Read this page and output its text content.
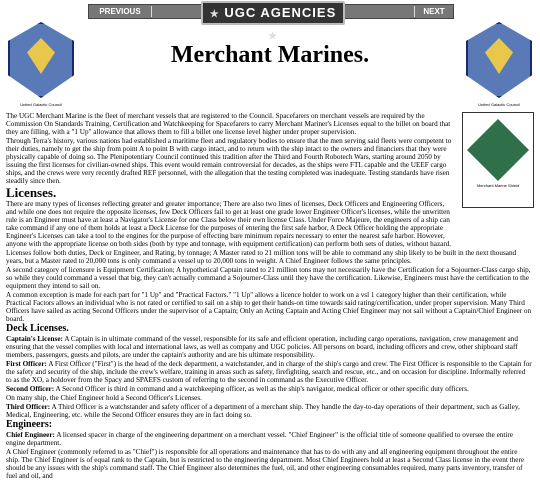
PREVIOUS	★ UGC AGENCIES ★
NEXT
United Galactic Council
Merchant Marines.
United Galactic Council
Merchant Marine Shield

The UGC Merchant Marine is the fleet of merchant vessels that are registered to the Council. Spacefarers on merchant vessels are required by the Commission On Standards Training, Certification and Watchkeeping for Spacefarers to carry Merchant Mariner's Licenses equal to the billet on board that they are filling, with a "1 Up" allowance that allows them to fill a billet one license level higher under proper supervision.

Through Terra's history, various nations had established a maritime fleet and regulatory bodies to ensure that the men serving said fleets were competent to their duties, namely to get the ship from point A to point B with cargo intact, and to return with the ship intact to the owners and financiers that they were physically capable of doing so. The Plenipotentiary Council continued this tradition after the Third and Fourth Robotech Wars, starting around 2050 by issuing the first licenses for civilian-owned ships. This event would remain controversial for decades, as the ships were FTL capable and the UEEF cargo ships, and the crews were very recently drafted REF personnel, with the allegation that the testing completed was inadequate. Testing standards have risen steadily since then.

Licenses.

There are many types of licenses reflecting greater and greater importance; There are also two lines of licenses, Deck Officers and Engineering Officers, and while one does not require the opposite licenses, few Deck Officers fail to get at least one grade lower Engineer Officer's licenses, while the unwritten rule is an Engineer must have at least a Navigator's License for one Class below their own license Class. Under Force Majeure, the engineers of a ship can take command if any one of them holds at least a Deck License for the purposes of entering the first safe harbor, A Deck Officer holding the appropriate Engineer's Licenses can take a tool to the engines for the purpose of effecting bare minimum repairs necessary to enter the nearest safe harbor. However, anyone with the appropriate license on both sides (both by type and tonnage, with equipment certification) can perform both sets of duties, without hazard.

Licenses follow both duties, Deck or Engineer, and Rating, by tonnage; A Master rated to 21 million tons will be able to command any ship likely to be built in the next thousand years, but a Master rated to 20,000 tons is only command a vessel up to 20,000 tons in weight. A Chief Engineer follows the same principles.

A second category of licensure is Equipment Certification; A hypothetical Captain rated to 21 million tons may not necessarily have the Certification for a Sojourner-Class cargo ship, so while they could command a vessel that big, they can't actually command a Sojourner-Class until they have the certification. Likewise, Engineers must have the certification to the equipment they intend to sail on.

A common exception is made for each part for "1 Up" and "Practical Factors." "1 Up" allows a licence holder to work on a vsl 1 category higher than their certification, while Practical Factors allows an individual who is not rated or certified to sail on a ship to get their hands-on time towards said rating/certification, under proper supervision. Many Third Officers have sailed as acting Second Officers under the supervisor of a Captain; Only an Acting Captain and Acting Chief Engineer may not sail without a Captain/Chief Engineer on board.

Deck Licenses.

Captain's License: A Captain is in ultimate command of the vessel, responsible for its safe and efficient operation, including cargo operations, navigation, crew management and ensuring that the vessel complies with local and international laws, as well as company and UGC policies. All persons on board, including officers and crew, other shipboard staff members, passengers, guests and pilots, are under the captain's authority and are his ultimate responsibility.

First Officer: A First Officer ("First") is the head of the deck department, a watchstander, and in charge of the ship's cargo and crew. The First Officer is responsible to the Captain for the safety and security of the ship, include the crew's welfare, training in areas such as safety, firefighting, search and rescue, etc., and on occasion for discipline. Informally referred to as the XO, a holdover from the Spacy and SPAEFS custom of referring to the second in command as the Executive Officer.

Second Officer: A Second Officer is third in command and a watchkeeping officer, as well as the ship's navigator, medical officer or other specific duty officers.

On many ship, the Chief Engineer hold a Second Officer's Licenses.

Third Officer: A Third Officer is a watchstander and safety officer of a department of a merchant ship. They handle the day-to-day operations of their department, such as Galley, Medical, Engineering, etc. while the Second Officer ensures they are in fact doing so.

Engineers:

Chief Engineer: A licensed spacer in charge of the engineering department on a merchant vessel. "Chief Engineer" is the official title of someone qualified to oversee the entire engine department.

A Chief Engineer (commonly referred to as "Chief") is responsible for all operations and maintenance that has to do with any and all engineering equipment throughout the entire ship. The Chief Engineer is of equal rank to the Captain, but is restricted to the engineering department. Most Chief Engineers hold at least a Second Class license in the event there should be any issues with the ship's command staff. The Chief Engineer also determines the fuel, oil, and other engineering consumables required, many parts inventory, transfer of fuel and oil, and
